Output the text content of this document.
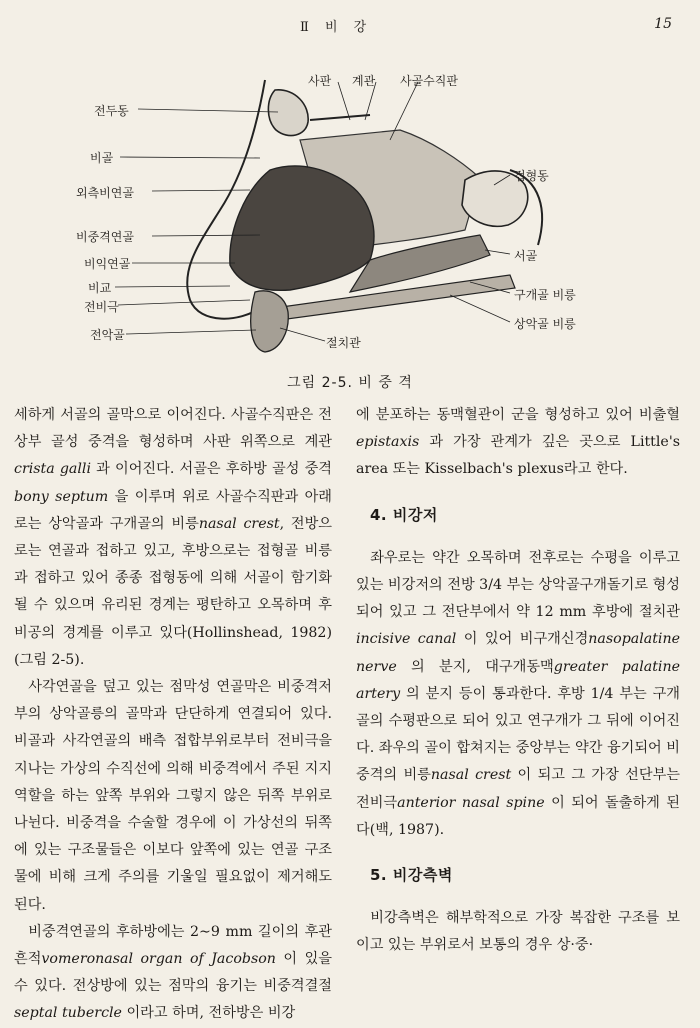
Ⅱ 비 강	15
사판 계관 사골수직판
전두동
비골
외측비연골
비중격연골
비익연골
비교
전비극
전악골
절치관
접형동
서골
구개골 비릉
상악골 비릉
그림 2-5. 비 중 격

세하게 서골의 골막으로 이어진다. 사골수직판은 전상부 골성 중격을 형성하며 사판 위쪽으로 계관crista galli 과 이어진다. 서골은 후하방 골성 중격bony septum 을 이루며 위로 사골수직판과 아래로는 상악골과 구개골의 비릉nasal crest, 전방으로는 연골과 접하고 있고, 후방으로는 접형골 비릉과 접하고 있어 종종 접형동에 의해 서골이 함기화될 수 있으며 유리된 경계는 평탄하고 오목하며 후비공의 경계를 이루고 있다(Hollinshead, 1982)(그림 2-5).

사각연골을 덮고 있는 점막성 연골막은 비중격저부의 상악골릉의 골막과 단단하게 연결되어 있다. 비골과 사각연골의 배측 접합부위로부터 전비극을 지나는 가상의 수직선에 의해 비중격에서 주된 지지역할을 하는 앞쪽 부위와 그렇지 않은 뒤쪽 부위로 나뉜다. 비중격을 수술할 경우에 이 가상선의 뒤쪽에 있는 구조물들은 이보다 앞쪽에 있는 연골 구조물에 비해 크게 주의를 기울일 필요없이 제거해도 된다.

비중격연골의 후하방에는 2∼9 mm 길이의 후관흔적vomeronasal organ of Jacobson 이 있을 수 있다. 전상방에 있는 점막의 융기는 비중격결절septal tubercle 이라고 하며, 전하방은 비강

에 분포하는 동맥혈관이 군을 형성하고 있어 비출혈epistaxis 과 가장 관계가 깊은 곳으로 Little's area 또는 Kisselbach's plexus라고 한다.

4. 비강저

좌우로는 약간 오목하며 전후로는 수평을 이루고 있는 비강저의 전방 3/4 부는 상악골구개돌기로 형성되어 있고 그 전단부에서 약 12 mm 후방에 절치관incisive canal 이 있어 비구개신경nasopalatine nerve 의 분지, 대구개동맥greater palatine artery 의 분지 등이 통과한다. 후방 1/4 부는 구개골의 수평판으로 되어 있고 연구개가 그 뒤에 이어진다. 좌우의 골이 합쳐지는 중앙부는 약간 융기되어 비중격의 비릉nasal crest 이 되고 그 가장 선단부는 전비극anterior nasal spine 이 되어 돌출하게 된다(백, 1987).

5. 비강측벽

비강측벽은 해부학적으로 가장 복잡한 구조를 보이고 있는 부위로서 보통의 경우 상·중·
